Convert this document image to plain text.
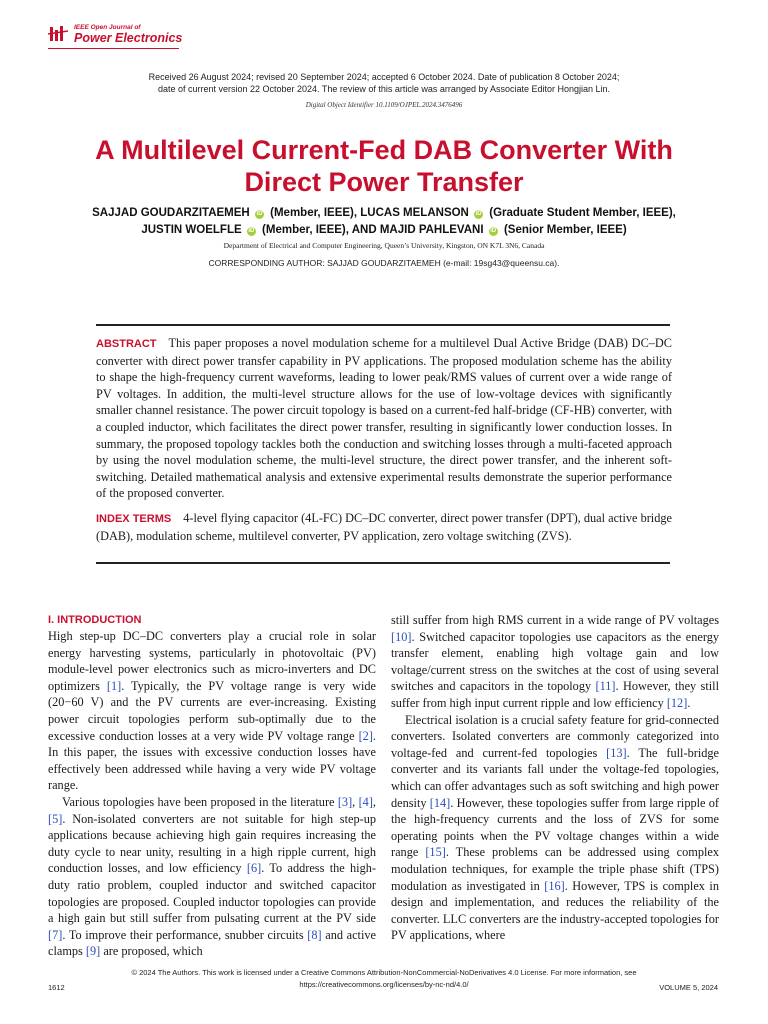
IEEE Open Journal of
Power Electronics
Received 26 August 2024; revised 20 September 2024; accepted 6 October 2024. Date of publication 8 October 2024;
date of current version 22 October 2024. The review of this article was arranged by Associate Editor Hongjian Lin.
Digital Object Identifier 10.1109/OJPEL.2024.3476496
A Multilevel Current-Fed DAB Converter With
Direct Power Transfer
SAJJAD GOUDARZITAEMEH iD (Member, IEEE), LUCAS MELANSON iD (Graduate Student Member, IEEE),
JUSTIN WOELFLE iD (Member, IEEE), AND MAJID PAHLEVANI iD (Senior Member, IEEE)
Department of Electrical and Computer Engineering, Queen’s University, Kingston, ON K7L 3N6, Canada
CORRESPONDING AUTHOR: SAJJAD GOUDARZITAEMEH (e-mail: 19sg43@queensu.ca).
ABSTRACT This paper proposes a novel modulation scheme for a multilevel Dual Active Bridge (DAB) DC–DC converter with direct power transfer capability in PV applications. The proposed modulation scheme has the ability to shape the high-frequency current waveforms, leading to lower peak/RMS values of current over a wide range of PV voltages. In addition, the multi-level structure allows for the use of low-voltage devices with significantly smaller channel resistance. The power circuit topology is based on a current-fed half-bridge (CF-HB) converter, with a coupled inductor, which facilitates the direct power transfer, resulting in significantly lower conduction losses. In summary, the proposed topology tackles both the conduction and switching losses through a multi-faceted approach by using the novel modulation scheme, the multi-level structure, the direct power transfer, and the inherent soft-switching. Detailed mathematical analysis and extensive experimental results demonstrate the superior performance of the proposed converter.
INDEX TERMS 4-level flying capacitor (4L-FC) DC–DC converter, direct power transfer (DPT), dual active bridge (DAB), modulation scheme, multilevel converter, PV application, zero voltage switching (ZVS).
I. INTRODUCTION

High step-up DC–DC converters play a crucial role in solar energy harvesting systems, particularly in photovoltaic (PV) module-level power electronics such as micro-inverters and DC optimizers [1]. Typically, the PV voltage range is very wide (20−60 V) and the PV currents are ever-increasing. Existing power circuit topologies perform sub-optimally due to the excessive conduction losses at a very wide PV voltage range [2]. In this paper, the issues with excessive conduction losses have effectively been addressed while having a very wide PV voltage range.

Various topologies have been proposed in the literature [3], [4], [5]. Non-isolated converters are not suitable for high step-up applications because achieving high gain requires increasing the duty cycle to near unity, resulting in a high ripple current, high conduction losses, and low efficiency [6]. To address the high-duty ratio problem, coupled inductor and switched capacitor topologies are proposed. Coupled inductor topologies can provide a high gain but still suffer from pulsating current at the PV side [7]. To improve their performance, snubber circuits [8] and active clamps [9] are proposed, which

still suffer from high RMS current in a wide range of PV voltages [10]. Switched capacitor topologies use capacitors as the energy transfer element, enabling high voltage gain and low voltage/current stress on the switches at the cost of using several switches and capacitors in the topology [11]. However, they still suffer from high input current ripple and low efficiency [12].

Electrical isolation is a crucial safety feature for grid-connected converters. Isolated converters are commonly categorized into voltage-fed and current-fed topologies [13]. The full-bridge converter and its variants fall under the voltage-fed topologies, which can offer advantages such as soft switching and high power density [14]. However, these topologies suffer from large ripple of the high-frequency currents and the loss of ZVS for some operating points when the PV voltage changes within a wide range [15]. These problems can be addressed using complex modulation techniques, for example the triple phase shift (TPS) modulation as investigated in [16]. However, TPS is complex in design and implementation, and reduces the reliability of the converter. LLC converters are the industry-accepted topologies for PV applications, where

© 2024 The Authors. This work is licensed under a Creative Commons Attribution-NonCommercial-NoDerivatives 4.0 License. For more information, see
https://creativecommons.org/licenses/by-nc-nd/4.0/
1612	VOLUME 5, 2024
